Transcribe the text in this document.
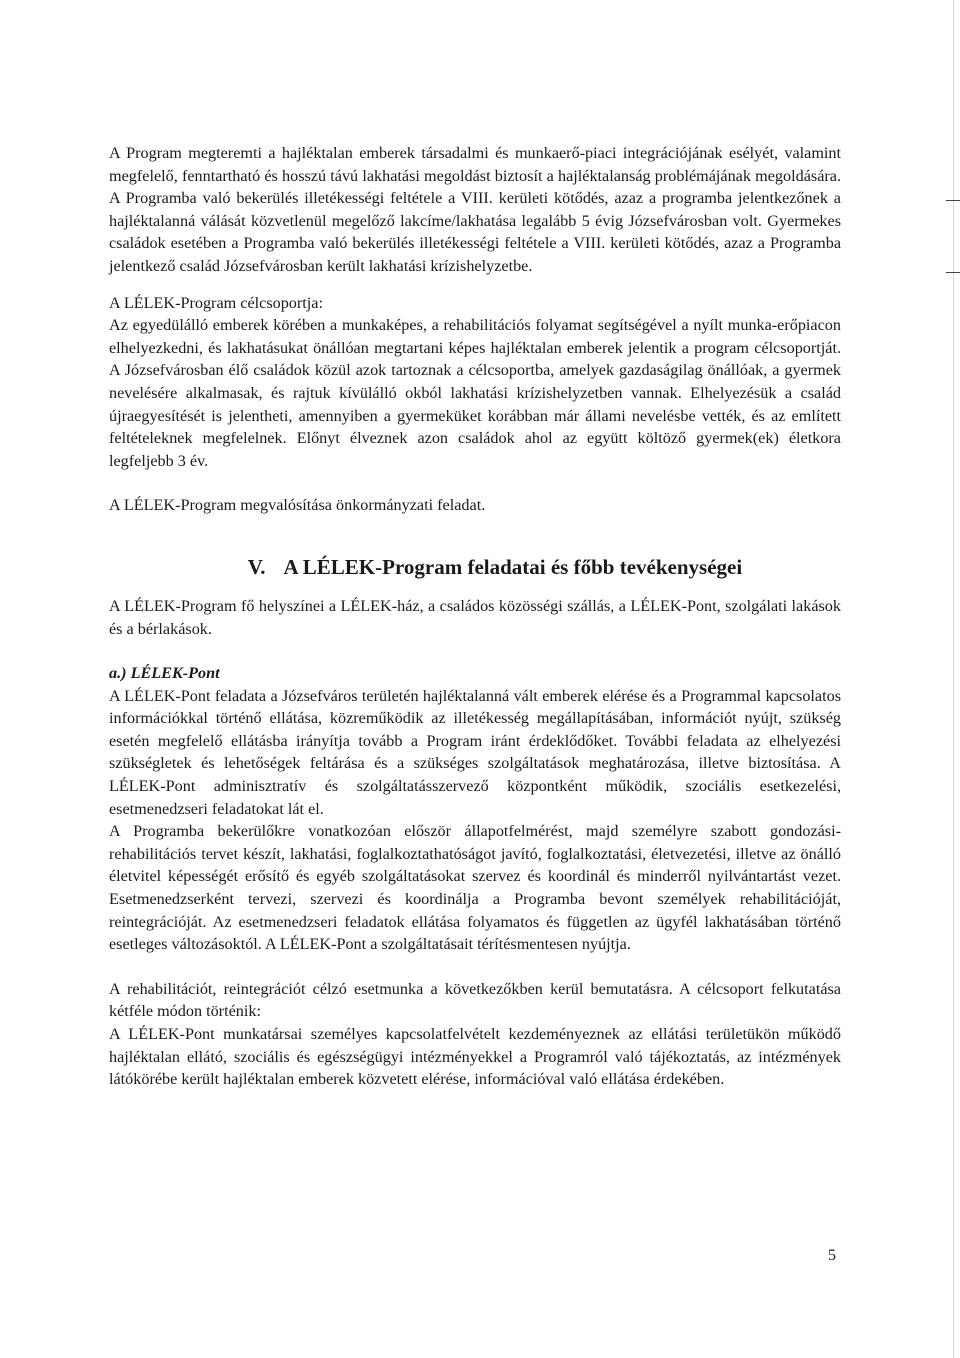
A Program megteremti a hajléktalan emberek társadalmi és munkaerő-piaci integrációjának esélyét, valamint megfelelő, fenntartható és hosszú távú lakhatási megoldást biztosít a hajléktalanság problémájának megoldására. A Programba való bekerülés illetékességi feltétele a VIII. kerületi kötődés, azaz a programba jelentkezőnek a hajléktalanná válását közvetlenül megelőző lakcíme/lakhatása legalább 5 évig Józsefvárosban volt. Gyermekes családok esetében a Programba való bekerülés illetékességi feltétele a VIII. kerületi kötődés, azaz a Programba jelentkező család Józsefvárosban került lakhatási krízishelyzetbe.

A LÉLEK-Program célcsoportja:

Az egyedülálló emberek körében a munkaképes, a rehabilitációs folyamat segítségével a nyílt munka-erőpiacon elhelyezkedni, és lakhatásukat önállóan megtartani képes hajléktalan emberek jelentik a program célcsoportját. A Józsefvárosban élő családok közül azok tartoznak a célcsoportba, amelyek gazdaságilag önállóak, a gyermek nevelésére alkalmasak, és rajtuk kívülálló okból lakhatási krízishelyzetben vannak. Elhelyezésük a család újraegyesítését is jelentheti, amennyiben a gyermeküket korábban már állami nevelésbe vették, és az említett feltételeknek megfelelnek. Előnyt élveznek azon családok ahol az együtt költöző gyermek(ek) életkora legfeljebb 3 év.

A LÉLEK-Program megvalósítása önkormányzati feladat.

V. A LÉLEK-Program feladatai és főbb tevékenységei

A LÉLEK-Program fő helyszínei a LÉLEK-ház, a családos közösségi szállás, a LÉLEK-Pont, szolgálati lakások és a bérlakások.

a.) LÉLEK-Pont

A LÉLEK-Pont feladata a Józsefváros területén hajléktalanná vált emberek elérése és a Programmal kapcsolatos információkkal történő ellátása, közreműködik az illetékesség megállapításában, információt nyújt, szükség esetén megfelelő ellátásba irányítja tovább a Program iránt érdeklődőket. További feladata az elhelyezési szükségletek és lehetőségek feltárása és a szükséges szolgáltatások meghatározása, illetve biztosítása. A LÉLEK-Pont adminisztratív és szolgáltatásszervező központként működik, szociális esetkezelési, esetmenedzseri feladatokat lát el.

A Programba bekerülőkre vonatkozóan először állapotfelmérést, majd személyre szabott gondozási-rehabilitációs tervet készít, lakhatási, foglalkoztathatóságot javító, foglalkoztatási, életvezetési, illetve az önálló életvitel képességét erősítő és egyéb szolgáltatásokat szervez és koordinál és minderről nyilvántartást vezet. Esetmenedzserként tervezi, szervezi és koordinálja a Programba bevont személyek rehabilitációját, reintegrációját. Az esetmenedzseri feladatok ellátása folyamatos és független az ügyfél lakhatásában történő esetleges változásoktól. A LÉLEK-Pont a szolgáltatásait térítésmentesen nyújtja.

A rehabilitációt, reintegrációt célzó esetmunka a következőkben kerül bemutatásra. A célcsoport felkutatása kétféle módon történik:

A LÉLEK-Pont munkatársai személyes kapcsolatfelvételt kezdeményeznek az ellátási területükön működő hajléktalan ellátó, szociális és egészségügyi intézményekkel a Programról való tájékoztatás, az intézmények látókörébe került hajléktalan emberek közvetett elérése, információval való ellátása érdekében.

5
